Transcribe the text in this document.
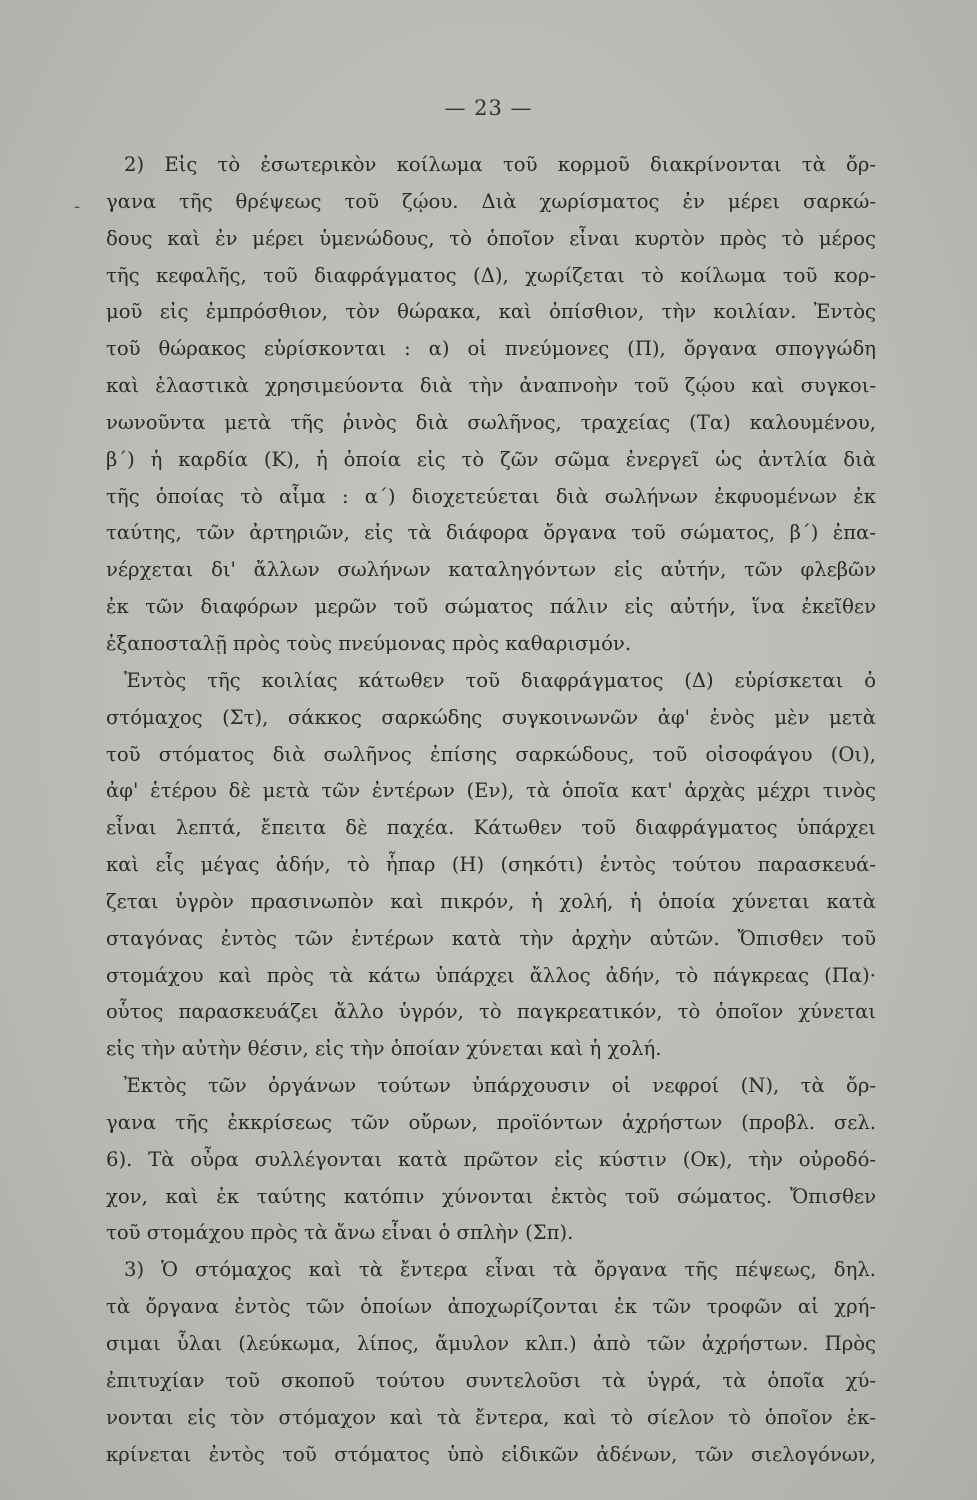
— 23 —
-
2) Εἰς τὸ ἐσωτερικὸν κοίλωμα τοῦ κορμοῦ διακρίνονται τὰ ὄρ-
γανα τῆς θρέψεως τοῦ ζῴου. Διὰ χωρίσματος ἐν μέρει σαρκώ-
δους καὶ ἐν μέρει ὑμενώδους, τὸ ὁποῖον εἶναι κυρτὸν πρὸς τὸ μέρος
τῆς κεφαλῆς, τοῦ διαφράγματος (Δ), χωρίζεται τὸ κοίλωμα τοῦ κορ-
μοῦ εἰς ἐμπρόσθιον, τὸν θώρακα, καὶ ὀπίσθιον, τὴν κοιλίαν. Ἐντὸς
τοῦ θώρακος εὑρίσκονται : α) οἱ πνεύμονες (Π), ὄργανα σπογγώδη
καὶ ἐλαστικὰ χρησιμεύοντα διὰ τὴν ἀναπνοὴν τοῦ ζῴου καὶ συγκοι-
νωνοῦντα μετὰ τῆς ῥινὸς διὰ σωλῆνος, τραχείας (Τα) καλουμένου,
β΄) ἡ καρδία (Κ), ἡ ὁποία εἰς τὸ ζῶν σῶμα ἐνεργεῖ ὡς ἀντλία διὰ
τῆς ὁποίας τὸ αἷμα : α΄) διοχετεύεται διὰ σωλήνων ἐκφυομένων ἐκ
ταύτης, τῶν ἀρτηριῶν, εἰς τὰ διάφορα ὄργανα τοῦ σώματος, β΄) ἐπα-
νέρχεται δι' ἄλλων σωλήνων καταληγόντων εἰς αὐτήν, τῶν φλεβῶν
ἐκ τῶν διαφόρων μερῶν τοῦ σώματος πάλιν εἰς αὐτήν, ἵνα ἐκεῖθεν
ἐξαποσταλῇ πρὸς τοὺς πνεύμονας πρὸς καθαρισμόν.
Ἐντὸς τῆς κοιλίας κάτωθεν τοῦ διαφράγματος (Δ) εὑρίσκεται ὁ
στόμαχος (Στ), σάκκος σαρκώδης συγκοινωνῶν ἀφ' ἑνὸς μὲν μετὰ
τοῦ στόματος διὰ σωλῆνος ἐπίσης σαρκώδους, τοῦ οἰσοφάγου (Οι),
ἀφ' ἑτέρου δὲ μετὰ τῶν ἐντέρων (Εν), τὰ ὁποῖα κατ' ἀρχὰς μέχρι τινὸς
εἶναι λεπτά, ἔπειτα δὲ παχέα. Κάτωθεν τοῦ διαφράγματος ὑπάρχει
καὶ εἷς μέγας ἀδήν, τὸ ἧπαρ (Η) (σηκότι) ἐντὸς τούτου παρασκευά-
ζεται ὑγρὸν πρασινωπὸν καὶ πικρόν, ἡ χολή, ἡ ὁποία χύνεται κατὰ
σταγόνας ἐντὸς τῶν ἐντέρων κατὰ τὴν ἀρχὴν αὐτῶν. Ὄπισθεν τοῦ
στομάχου καὶ πρὸς τὰ κάτω ὑπάρχει ἄλλος ἀδήν, τὸ πάγκρεας (Πα)·
οὗτος παρασκευάζει ἄλλο ὑγρόν, τὸ παγκρεατικόν, τὸ ὁποῖον χύνεται
εἰς τὴν αὐτὴν θέσιν, εἰς τὴν ὁποίαν χύνεται καὶ ἡ χολή.
Ἐκτὸς τῶν ὀργάνων τούτων ὑπάρχουσιν οἱ νεφροί (Ν), τὰ ὄρ-
γανα τῆς ἐκκρίσεως τῶν οὔρων, προϊόντων ἀχρήστων (προβλ. σελ.
6). Τὰ οὖρα συλλέγονται κατὰ πρῶτον εἰς κύστιν (Οκ), τὴν οὐροδό-
χον, καὶ ἐκ ταύτης κατόπιν χύνονται ἐκτὸς τοῦ σώματος. Ὄπισθεν
τοῦ στομάχου πρὸς τὰ ἄνω εἶναι ὁ σπλὴν (Σπ).
3) Ὁ στόμαχος καὶ τὰ ἔντερα εἶναι τὰ ὄργανα τῆς πέψεως, δηλ.
τὰ ὄργανα ἐντὸς τῶν ὁποίων ἀποχωρίζονται ἐκ τῶν τροφῶν αἱ χρή-
σιμαι ὗλαι (λεύκωμα, λίπος, ἄμυλον κλπ.) ἀπὸ τῶν ἀχρήστων. Πρὸς
ἐπιτυχίαν τοῦ σκοποῦ τούτου συντελοῦσι τὰ ὑγρά, τὰ ὁποῖα χύ-
νονται εἰς τὸν στόμαχον καὶ τὰ ἔντερα, καὶ τὸ σίελον τὸ ὁποῖον ἐκ-
κρίνεται ἐντὸς τοῦ στόματος ὑπὸ εἰδικῶν ἀδένων, τῶν σιελογόνων,
